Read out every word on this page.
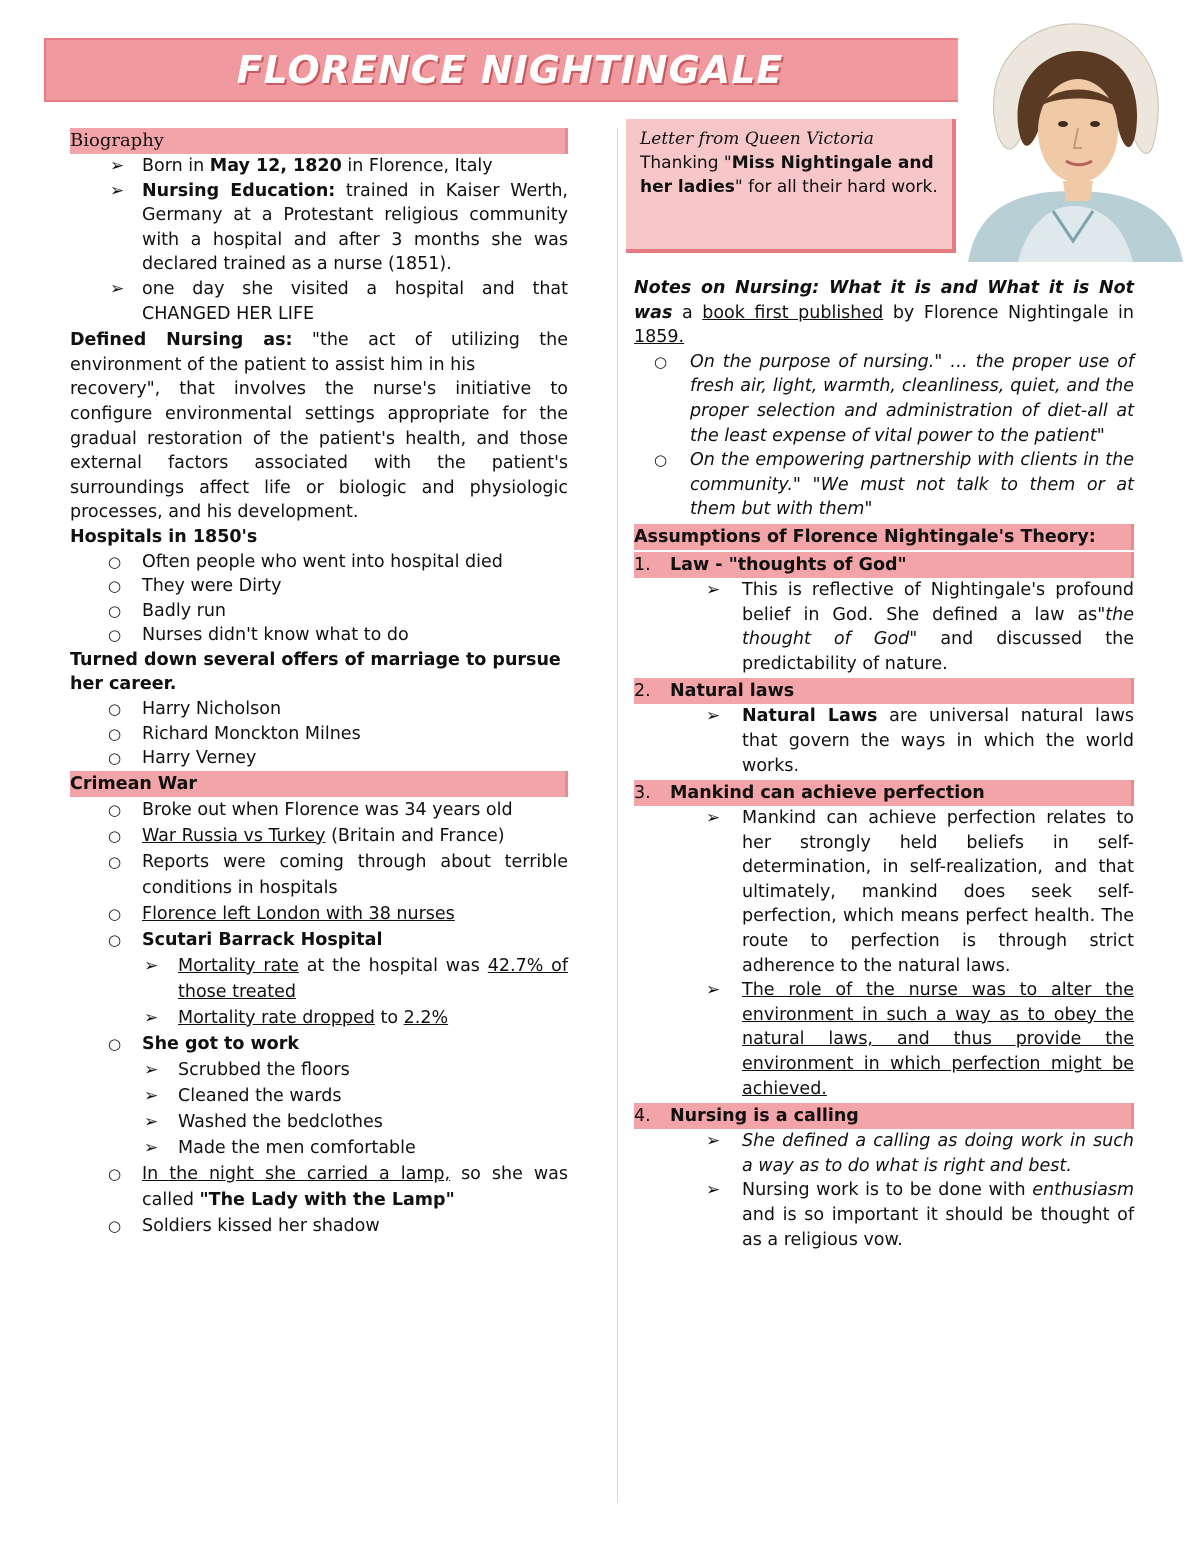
FLORENCE NIGHTINGALE
Biography
➢ Born in May 12, 1820 in Florence, Italy
➢ Nursing Education: trained in Kaiser Werth, Germany at a Protestant religious community with a hospital and after 3 months she was declared trained as a nurse (1851).
➢ one day she visited a hospital and that CHANGED HER LIFE

Defined Nursing as: "the act of utilizing the environment of the patient to assist him in his

recovery", that involves the nurse's initiative to configure environmental settings appropriate for the gradual restoration of the patient's health, and those external factors associated with the patient's surroundings affect life or biologic and physiologic processes, and his development.

Hospitals in 1850's

○ Often people who went into hospital died
○ They were Dirty
○ Badly run
○ Nurses didn't know what to do

Turned down several offers of marriage to pursue her career.

○ Harry Nicholson
○ Richard Monckton Milnes
○ Harry Verney
Crimean War
○ Broke out when Florence was 34 years old
○ War Russia vs Turkey (Britain and France)
○ Reports were coming through about terrible conditions in hospitals
○ Florence left London with 38 nurses
○ Scutari Barrack Hospital
➢ Mortality rate at the hospital was 42.7% of those treated
➢ Mortality rate dropped to 2.2%
○ She got to work
➢ Scrubbed the floors
➢ Cleaned the wards
➢ Washed the bedclothes
➢ Made the men comfortable
○ In the night she carried a lamp, so she was called "The Lady with the Lamp"
○ Soldiers kissed her shadow

Letter from Queen Victoria

Thanking "Miss Nightingale and her ladies" for all their hard work.

Notes on Nursing: What it is and What it is Not was a book first published by Florence Nightingale in 1859.

○ On the purpose of nursing." … the proper use of fresh air, light, warmth, cleanliness, quiet, and the proper selection and administration of diet-all at the least expense of vital power to the patient"
○ On the empowering partnership with clients in the community." "We must not talk to them or at them but with them"
Assumptions of Florence Nightingale's Theory:
1. Law - "thoughts of God"
➢ This is reflective of Nightingale's profound belief in God. She defined a law as"the thought of God" and discussed the predictability of nature.
2. Natural laws
➢ Natural Laws are universal natural laws that govern the ways in which the world works.
3. Mankind can achieve perfection
➢ Mankind can achieve perfection relates to her strongly held beliefs in self-determination, in self-realization, and that ultimately, mankind does seek self- perfection, which means perfect health. The route to perfection is through strict adherence to the natural laws.
➢ The role of the nurse was to alter the environment in such a way as to obey the natural laws, and thus provide the environment in which perfection might be achieved.
4. Nursing is a calling
➢ She defined a calling as doing work in such a way as to do what is right and best.
➢ Nursing work is to be done with enthusiasm and is so important it should be thought of as a religious vow.
